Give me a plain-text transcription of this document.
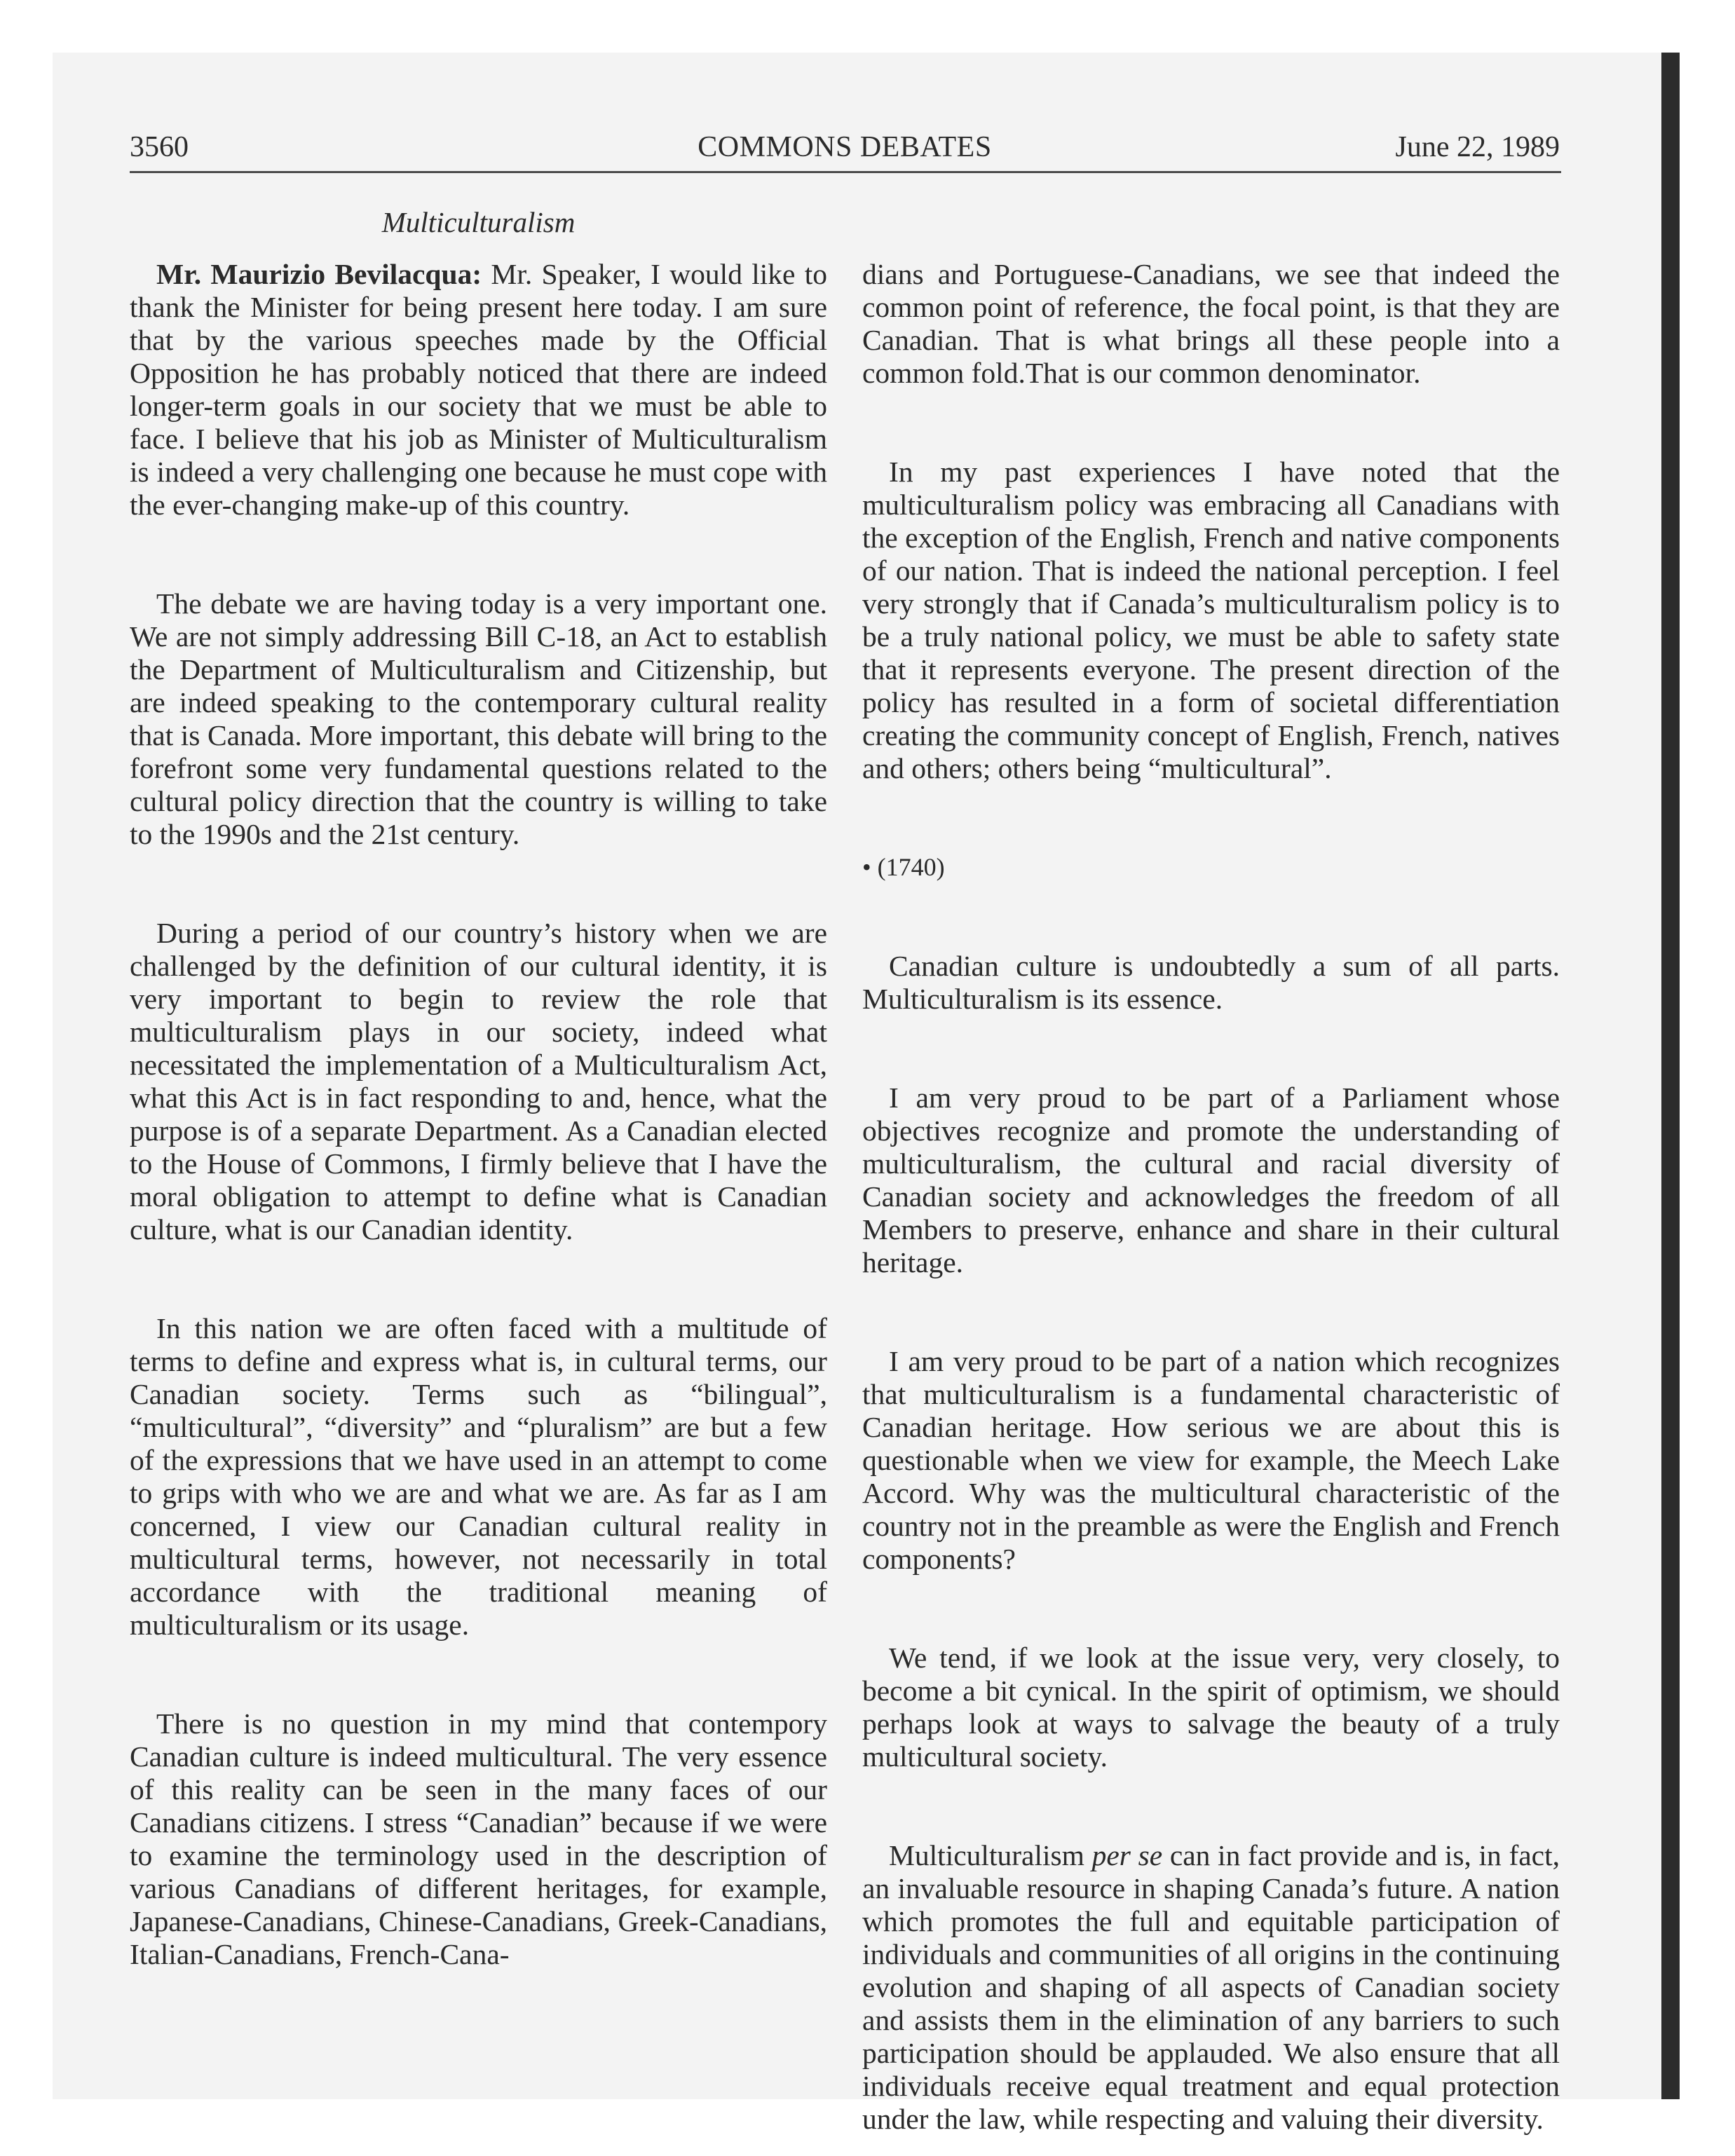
COMMONS DEBATES
3560	June 22, 1989
Multiculturalism

Mr. Maurizio Bevilacqua: Mr. Speaker, I would like to thank the Minister for being present here today. I am sure that by the various speeches made by the Official Opposition he has probably noticed that there are indeed longer-term goals in our society that we must be able to face. I believe that his job as Minister of Multiculturalism is indeed a very challenging one because he must cope with the ever-changing make-up of this country.

The debate we are having today is a very important one. We are not simply addressing Bill C-18, an Act to establish the Department of Multiculturalism and Citizenship, but are indeed speaking to the contemporary cultural reality that is Canada. More important, this debate will bring to the forefront some very fundamental questions related to the cultural policy direction that the country is willing to take to the 1990s and the 21st century.

During a period of our country’s history when we are challenged by the definition of our cultural identity, it is very important to begin to review the role that multiculturalism plays in our society, indeed what necessitated the implementation of a Multiculturalism Act, what this Act is in fact responding to and, hence, what the purpose is of a separate Department. As a Canadian elected to the House of Commons, I firmly believe that I have the moral obligation to attempt to define what is Canadian culture, what is our Canadian identity.

In this nation we are often faced with a multitude of terms to define and express what is, in cultural terms, our Canadian society. Terms such as “bilingual”, “multicultural”, “diversity” and “pluralism” are but a few of the expressions that we have used in an attempt to come to grips with who we are and what we are. As far as I am concerned, I view our Canadian cultural reality in multicultural terms, however, not necessarily in total accordance with the traditional meaning of multiculturalism or its usage.

There is no question in my mind that contempory Canadian culture is indeed multicultural. The very essence of this reality can be seen in the many faces of our Canadians citizens. I stress “Canadian” because if we were to examine the terminology used in the description of various Canadians of different heritages, for example, Japanese-Canadians, Chinese-Canadians, Greek-Canadians, Italian-Canadians, French-Cana-

dians and Portuguese-Canadians, we see that indeed the common point of reference, the focal point, is that they are Canadian. That is what brings all these people into a common fold.That is our common denominator.

In my past experiences I have noted that the multiculturalism policy was embracing all Canadians with the exception of the English, French and native components of our nation. That is indeed the national perception. I feel very strongly that if Canada’s multiculturalism policy is to be a truly national policy, we must be able to safety state that it represents everyone. The present direction of the policy has resulted in a form of societal differentiation creating the community concept of English, French, natives and others; others being “multicultural”.

• (1740)

Canadian culture is undoubtedly a sum of all parts. Multiculturalism is its essence.

I am very proud to be part of a Parliament whose objectives recognize and promote the understanding of multiculturalism, the cultural and racial diversity of Canadian society and acknowledges the freedom of all Members to preserve, enhance and share in their cultural heritage.

I am very proud to be part of a nation which recognizes that multiculturalism is a fundamental characteristic of Canadian heritage. How serious we are about this is questionable when we view for example, the Meech Lake Accord. Why was the multicultural characteristic of the country not in the preamble as were the English and French components?

We tend, if we look at the issue very, very closely, to become a bit cynical. In the spirit of optimism, we should perhaps look at ways to salvage the beauty of a truly multicultural society.

Multiculturalism per se can in fact provide and is, in fact, an invaluable resource in shaping Canada’s future. A nation which promotes the full and equitable participation of individuals and communities of all origins in the continuing evolution and shaping of all aspects of Canadian society and assists them in the elimination of any barriers to such participation should be applauded. We also ensure that all individuals receive equal treatment and equal protection under the law, while respecting and valuing their diversity.
